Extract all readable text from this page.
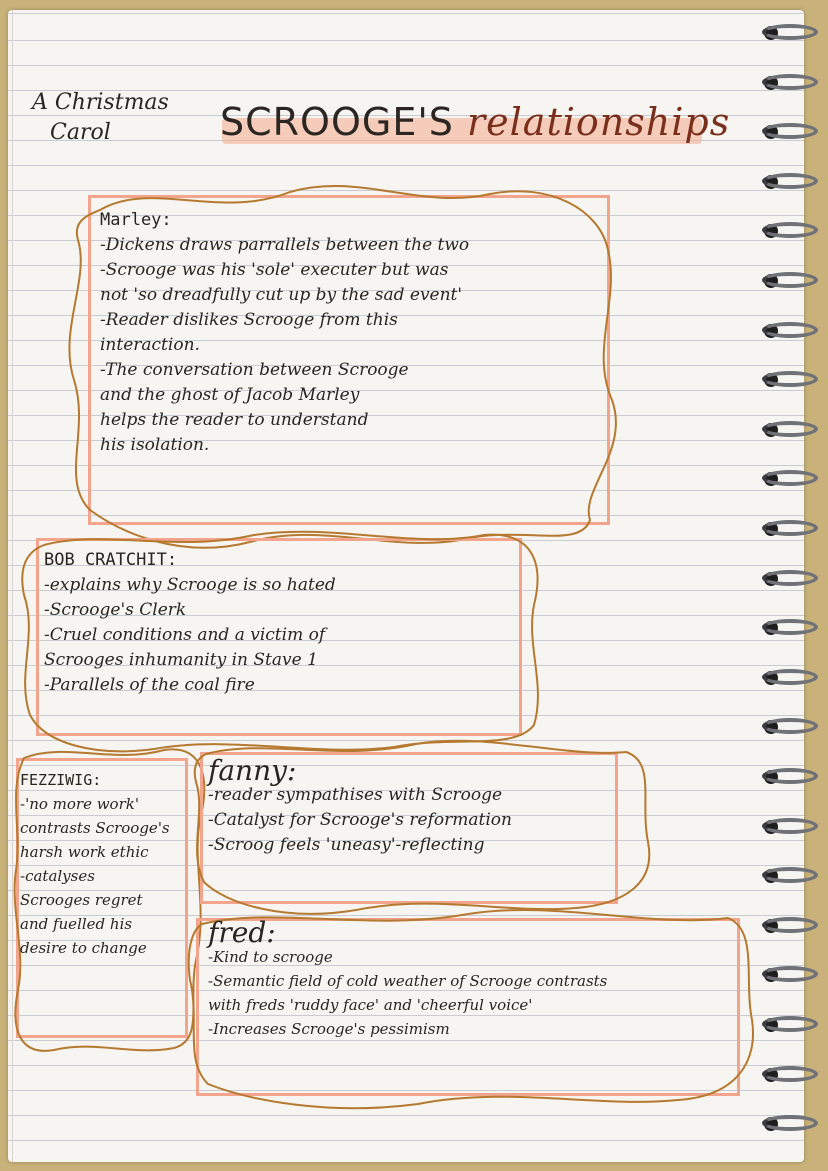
A Christmas
Carol	SCROOGE'S relationships
Marley:
-Dickens draws parrallels between the two
-Scrooge was his 'sole' executer but was
not 'so dreadfully cut up by the sad event'
-Reader dislikes Scrooge from this
interaction.
-The conversation between Scrooge
and the ghost of Jacob Marley
helps the reader to understand
his isolation.
BOB CRATCHIT:
-explains why Scrooge is so hated
-Scrooge's Clerk
-Cruel conditions and a victim of
Scrooges inhumanity in Stave 1
-Parallels of the coal fire
FEZZIWIG:
-'no more work'
contrasts Scrooge's
harsh work ethic
-catalyses
Scrooges regret
and fuelled his
desire to change
fanny:
-reader sympathises with Scrooge
-Catalyst for Scrooge's reformation
-Scroog feels 'uneasy'-reflecting
fred:
-Kind to scrooge
-Semantic field of cold weather of Scrooge contrasts
with freds 'ruddy face' and 'cheerful voice'
-Increases Scrooge's pessimism
